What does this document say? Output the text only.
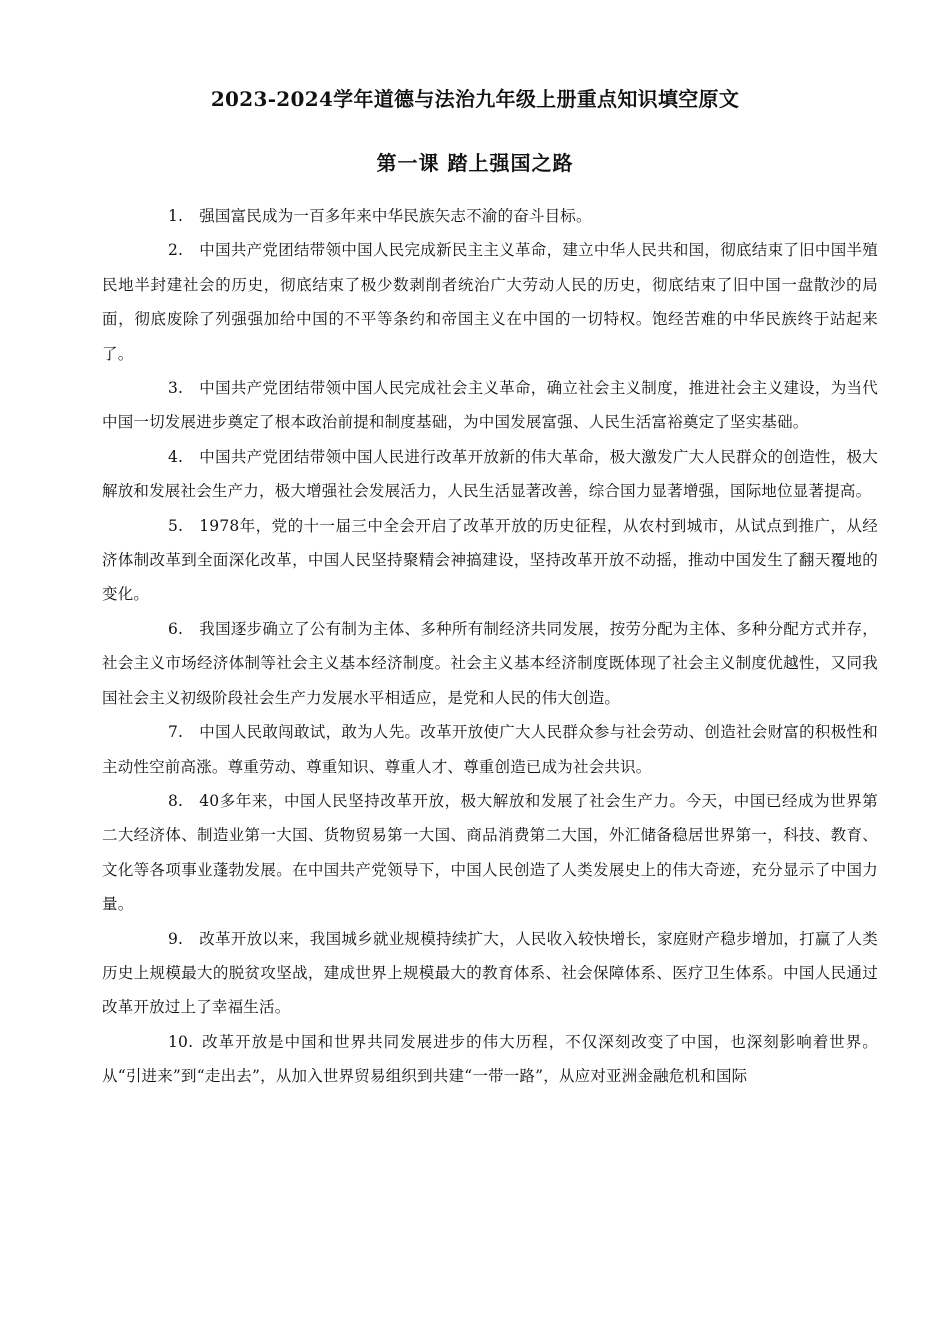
2023-2024学年道德与法治九年级上册重点知识填空原文
第一课 踏上强国之路

1. 强国富民成为一百多年来中华民族矢志不渝的奋斗目标。

2. 中国共产党团结带领中国人民完成新民主主义革命，建立中华人民共和国，彻底结束了旧中国半殖民地半封建社会的历史，彻底结束了极少数剥削者统治广大劳动人民的历史，彻底结束了旧中国一盘散沙的局面，彻底废除了列强强加给中国的不平等条约和帝国主义在中国的一切特权。饱经苦难的中华民族终于站起来了。

3. 中国共产党团结带领中国人民完成社会主义革命，确立社会主义制度，推进社会主义建设，为当代中国一切发展进步奠定了根本政治前提和制度基础，为中国发展富强、人民生活富裕奠定了坚实基础。

4. 中国共产党团结带领中国人民进行改革开放新的伟大革命，极大激发广大人民群众的创造性，极大解放和发展社会生产力，极大增强社会发展活力，人民生活显著改善，综合国力显著增强，国际地位显著提高。

5. 1978年，党的十一届三中全会开启了改革开放的历史征程，从农村到城市，从试点到推广，从经济体制改革到全面深化改革，中国人民坚持聚精会神搞建设，坚持改革开放不动摇，推动中国发生了翻天覆地的变化。

6. 我国逐步确立了公有制为主体、多种所有制经济共同发展，按劳分配为主体、多种分配方式并存，社会主义市场经济体制等社会主义基本经济制度。社会主义基本经济制度既体现了社会主义制度优越性，又同我国社会主义初级阶段社会生产力发展水平相适应，是党和人民的伟大创造。

7. 中国人民敢闯敢试，敢为人先。改革开放使广大人民群众参与社会劳动、创造社会财富的积极性和主动性空前高涨。尊重劳动、尊重知识、尊重人才、尊重创造已成为社会共识。

8. 40多年来，中国人民坚持改革开放，极大解放和发展了社会生产力。今天，中国已经成为世界第二大经济体、制造业第一大国、货物贸易第一大国、商品消费第二大国，外汇储备稳居世界第一，科技、教育、文化等各项事业蓬勃发展。在中国共产党领导下，中国人民创造了人类发展史上的伟大奇迹，充分显示了中国力量。

9. 改革开放以来，我国城乡就业规模持续扩大，人民收入较快增长，家庭财产稳步增加，打赢了人类历史上规模最大的脱贫攻坚战，建成世界上规模最大的教育体系、社会保障体系、医疗卫生体系。中国人民通过改革开放过上了幸福生活。

10. 改革开放是中国和世界共同发展进步的伟大历程，不仅深刻改变了中国，也深刻影响着世界。从“引进来”到“走出去”，从加入世界贸易组织到共建“一带一路”，从应对亚洲金融危机和国际
